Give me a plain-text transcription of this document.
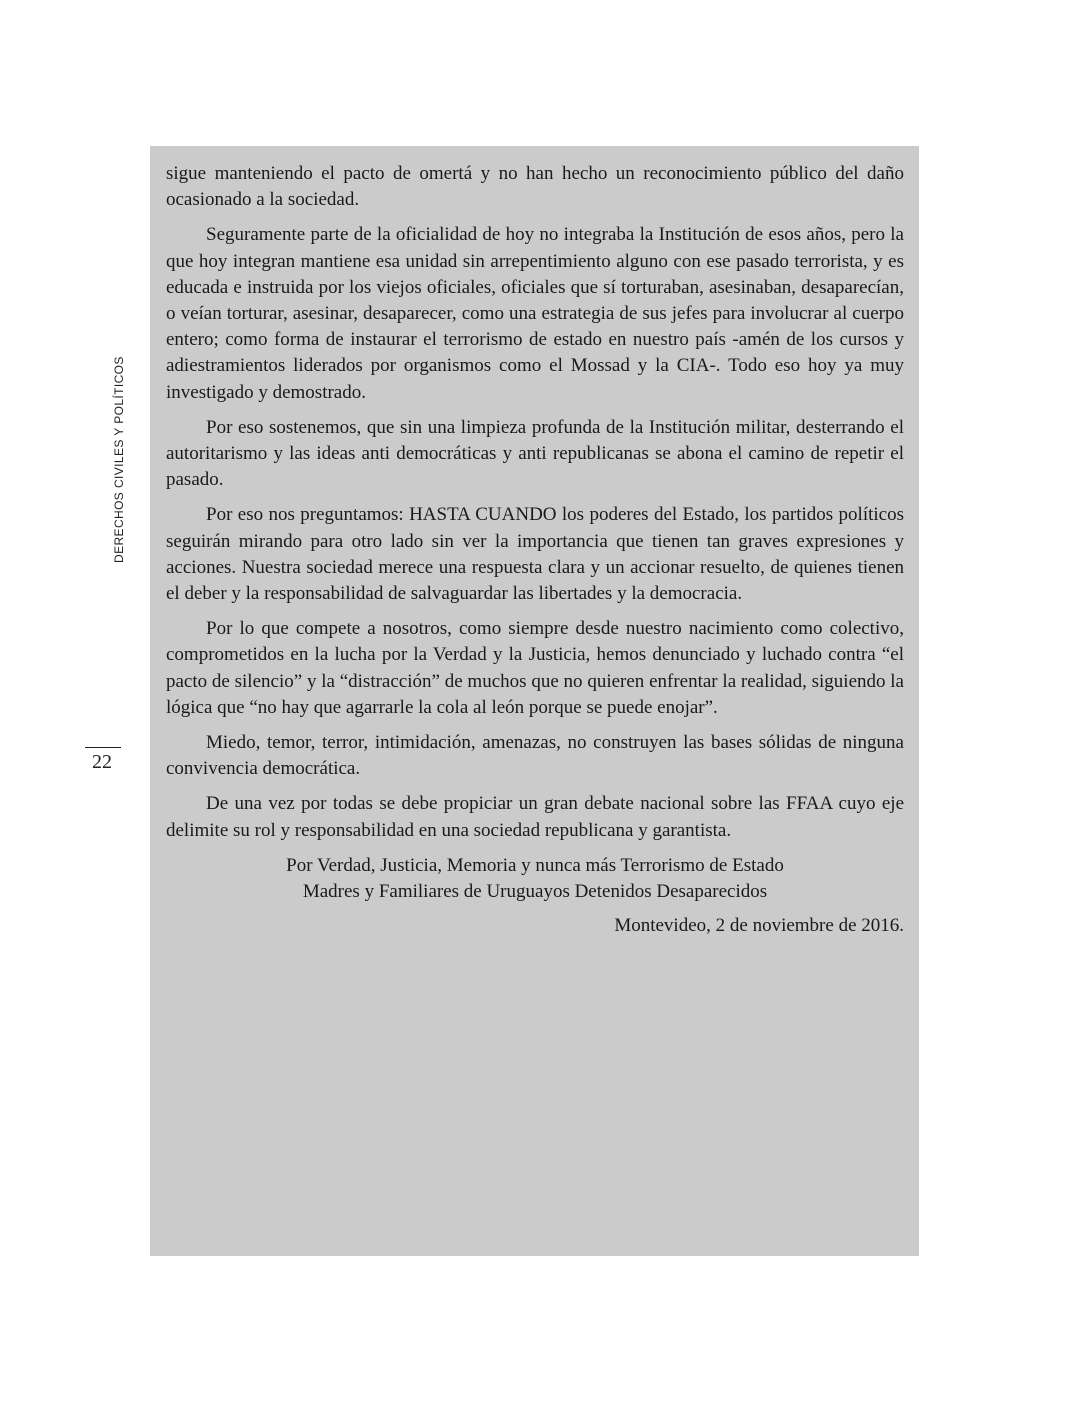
DERECHOS CIVILES Y POLÍTICOS
22

sigue manteniendo el pacto de omertá y no han hecho un reconocimiento público del daño ocasionado a la sociedad.

Seguramente parte de la oficialidad de hoy no integraba la Institución de esos años, pero la que hoy integran mantiene esa unidad sin arrepentimiento alguno con ese pasado terrorista, y es educada e instruida por los viejos oficiales, oficiales que sí torturaban, asesinaban, desaparecían, o veían torturar, asesinar, desaparecer, como una estrategia de sus jefes para involucrar al cuerpo entero; como forma de instaurar el terrorismo de estado en nuestro país -amén de los cursos y adiestramientos liderados por organismos como el Mossad y la CIA-. Todo eso hoy ya muy investigado y demostrado.

Por eso sostenemos, que sin una limpieza profunda de la Institución militar, desterrando el autoritarismo y las ideas anti democráticas y anti republicanas se abona el camino de repetir el pasado.

Por eso nos preguntamos: HASTA CUANDO los poderes del Estado, los partidos políticos seguirán mirando para otro lado sin ver la importancia que tienen tan graves expresiones y acciones. Nuestra sociedad merece una respuesta clara y un accionar resuelto, de quienes tienen el deber y la responsabilidad de salvaguardar las libertades y la democracia.

Por lo que compete a nosotros, como siempre desde nuestro nacimiento como colectivo, comprometidos en la lucha por la Verdad y la Justicia, hemos denunciado y luchado contra “el pacto de silencio” y la “distracción” de muchos que no quieren enfrentar la realidad, siguiendo la lógica que “no hay que agarrarle la cola al león porque se puede enojar”.

Miedo, temor, terror, intimidación, amenazas, no construyen las bases sólidas de ninguna convivencia democrática.

De una vez por todas se debe propiciar un gran debate nacional sobre las FFAA cuyo eje delimite su rol y responsabilidad en una sociedad republicana y garantista.

Por Verdad, Justicia, Memoria y nunca más Terrorismo de Estado
Madres y Familiares de Uruguayos Detenidos Desaparecidos
Montevideo, 2 de noviembre de 2016.
